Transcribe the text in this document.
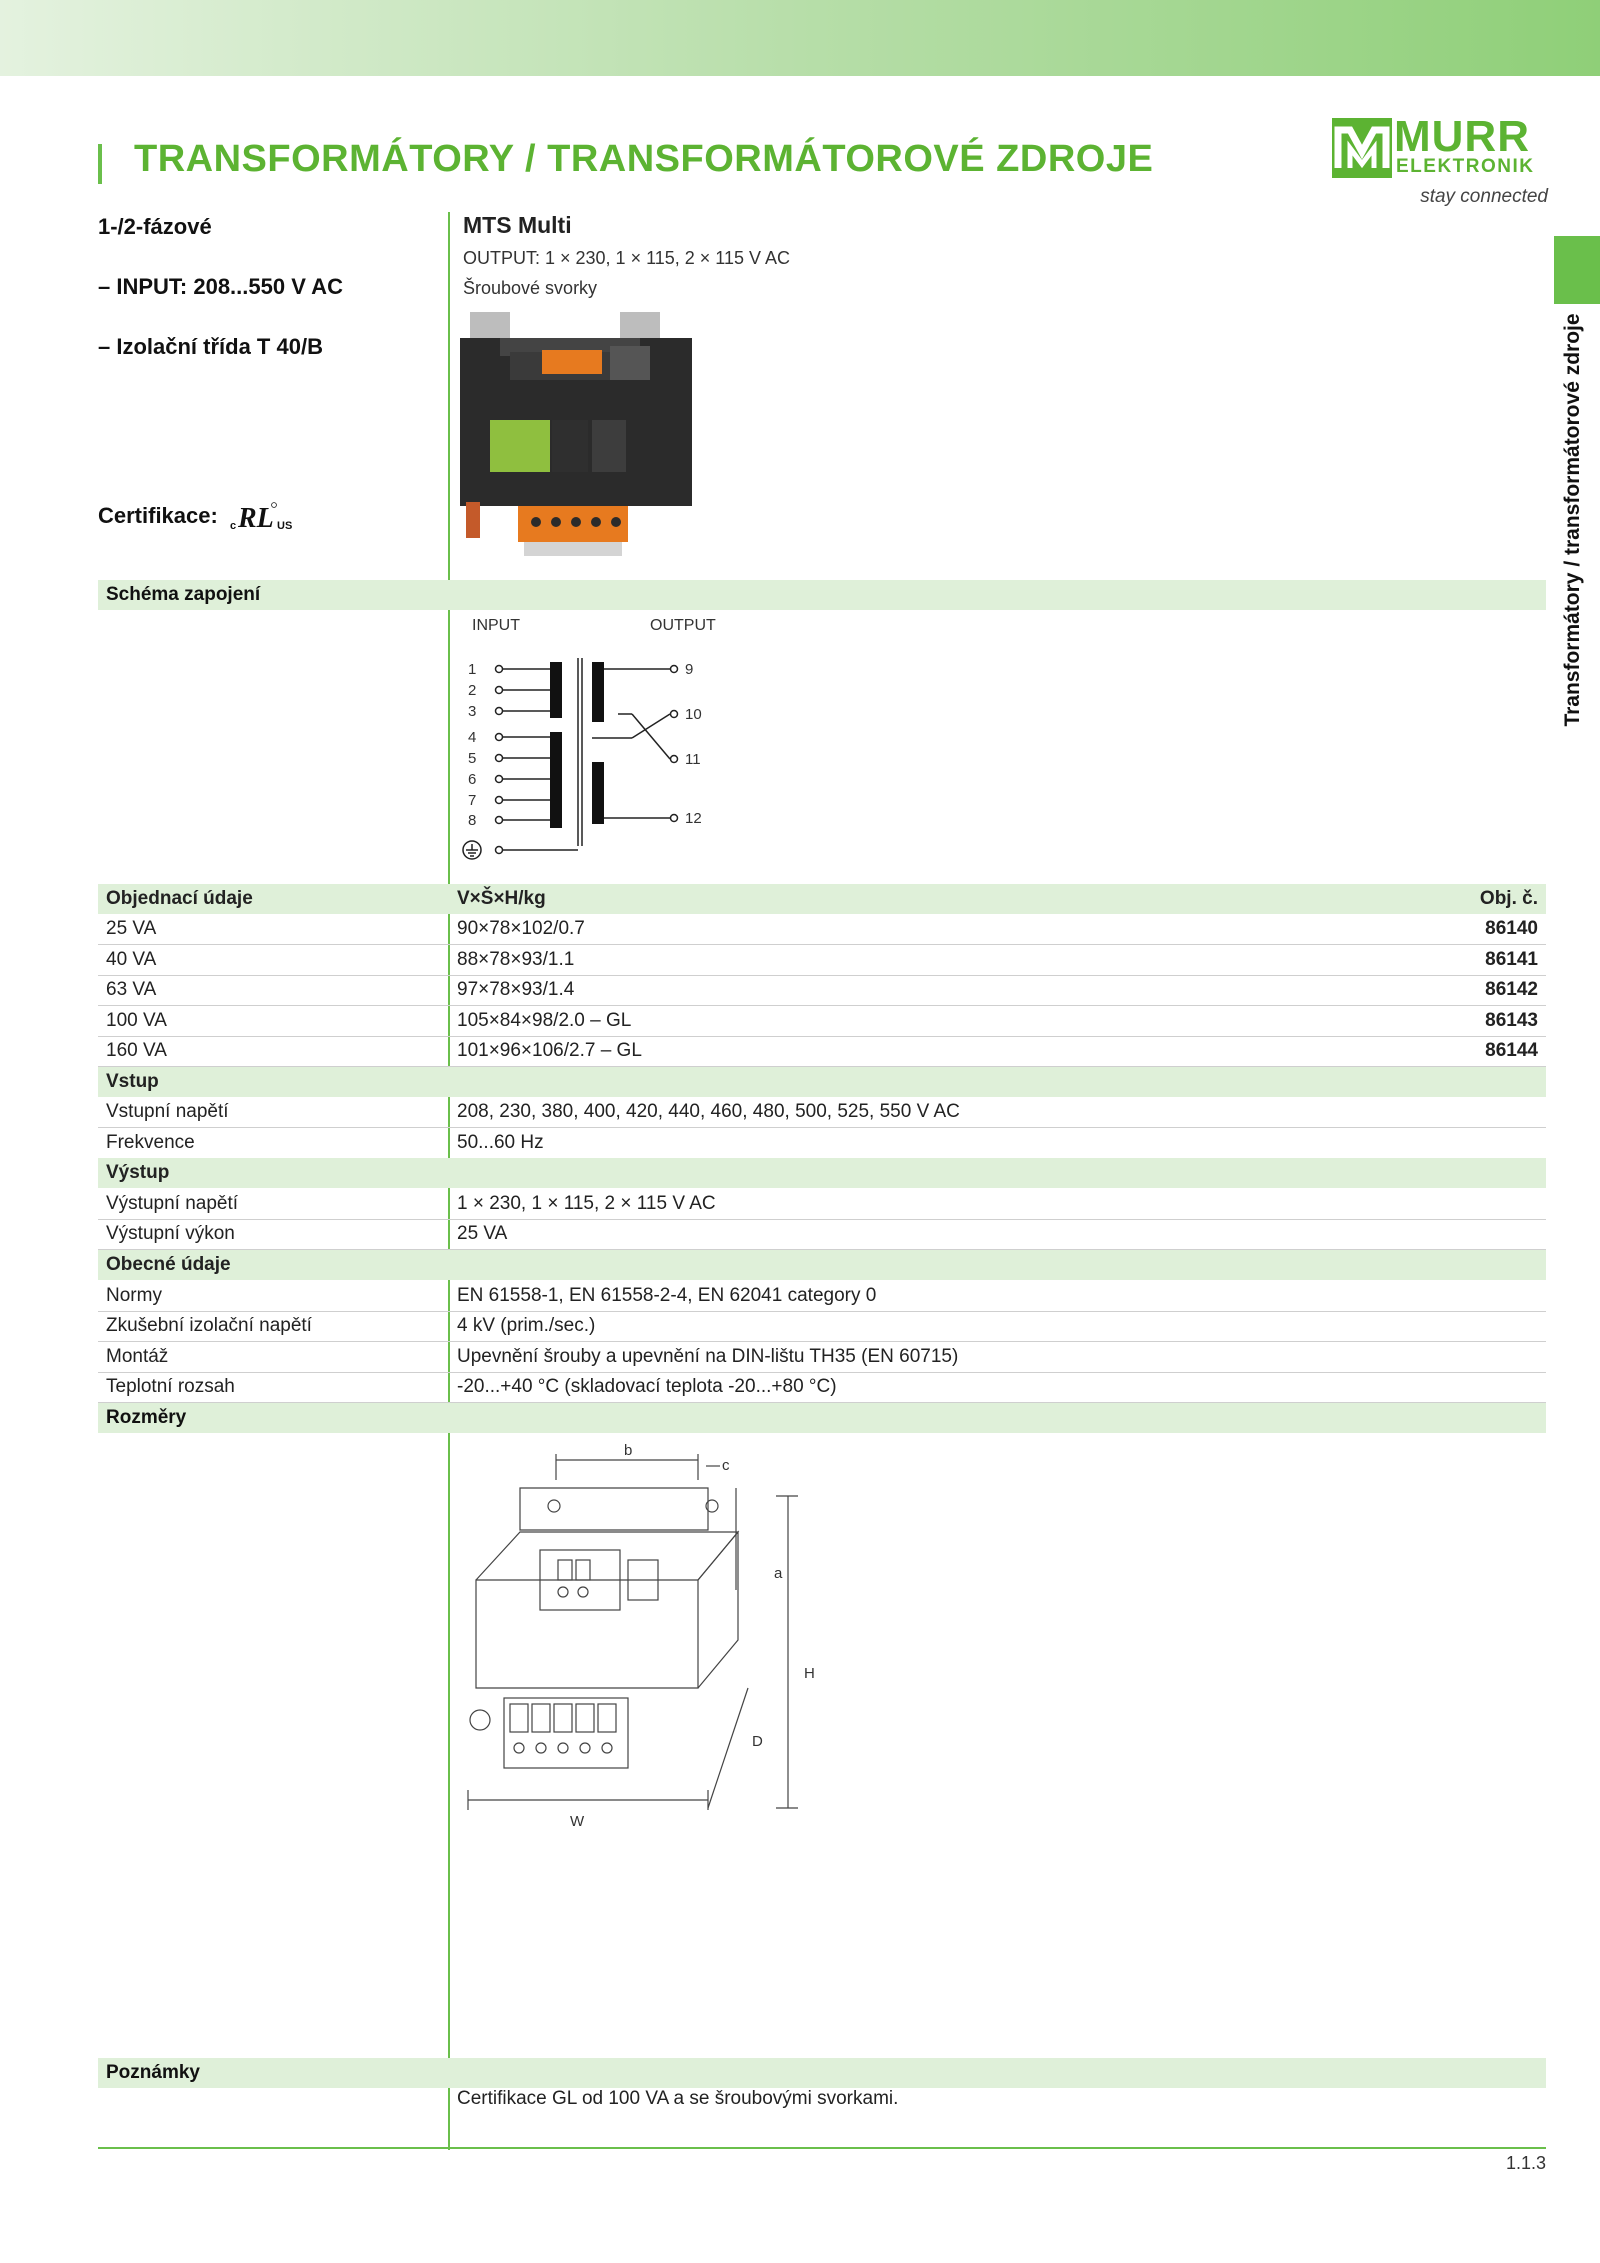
TRANSFORMÁTORY / TRANSFORMÁTOROVÉ ZDROJE	MURR
ELEKTRONIK
stay connected
Transformátory / transformátorové zdroje
1-/2-fázové
– INPUT: 208...550 V AC
– Izolační třída T 40/B
Certifikace: c RL US
MTS Multi
OUTPUT: 1 × 230, 1 × 115, 2 × 115 V AC
Šroubové svorky
Schéma zapojení
INPUT	OUTPUT
1
2
3
4
5
6
7
8
9
10
11
12
Objednací údaje	V×Š×H/kg	Obj. č.
25 VA	90×78×102/0.7	86140
40 VA	88×78×93/1.1	86141
63 VA	97×78×93/1.4	86142
100 VA	105×84×98/2.0 – GL	86143
160 VA	101×96×106/2.7 – GL	86144
Vstup
Vstupní napětí	208, 230, 380, 400, 420, 440, 460, 480, 500, 525, 550 V AC
Frekvence	50...60 Hz
Výstup
Výstupní napětí	1 × 230, 1 × 115, 2 × 115 V AC
Výstupní výkon	25 VA
Obecné údaje
Normy	EN 61558-1, EN 61558-2-4, EN 62041 category 0
Zkušební izolační napětí	4 kV (prim./sec.)
Montáž	Upevnění šrouby a upevnění na DIN-lištu TH35 (EN 60715)
Teplotní rozsah	-20...+40 °C (skladovací teplota -20...+80 °C)
Rozměry
b
c
a
H
D
W
Poznámky
Certifikace GL od 100 VA a se šroubovými svorkami.
1.1.3
